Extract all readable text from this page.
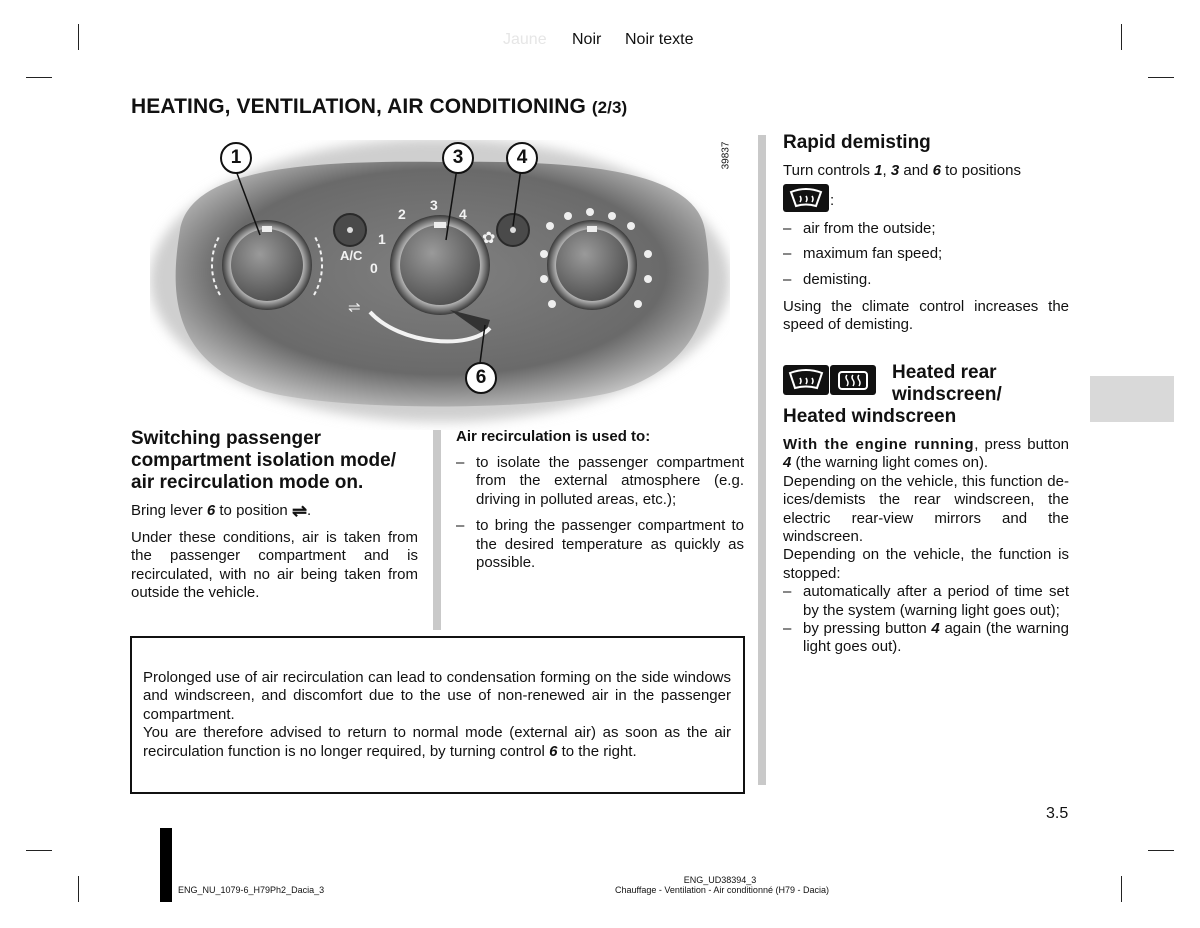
Jaune Noir Noir texte
HEATING, VENTILATION, AIR CONDITIONING (2/3)
39837
0
1
2
3
4
A/C
✿
⇌
1	3	4
6
Switching passenger compartment isolation mode/ air recirculation mode on.
Bring lever 6 to position ⇌.
Under these conditions, air is taken from the passenger compartment and is recirculated, with no air being taken from outside the vehicle.
Air recirculation is used to:
– to isolate the passenger compartment from the external atmosphere (e.g. driving in polluted areas, etc.);
– to bring the passenger compartment to the desired temperature as quickly as possible.
Prolonged use of air recirculation can lead to condensation forming on the side windows and windscreen, and discomfort due to the use of non-renewed air in the passenger compartment.
You are therefore advised to return to normal mode (external air) as soon as the air recirculation function is no longer required, by turning control 6 to the right.
Rapid demisting
Turn controls 1, 3 and 6 to positions
:
– air from the outside;
– maximum fan speed;
– demisting.
Using the climate control increases the speed of demisting.
Heated rear
windscreen/
Heated windscreen
With the engine running, press button 4 (the warning light comes on).
Depending on the vehicle, this function de-ices/demists the rear windscreen, the electric rear-view mirrors and the windscreen.
Depending on the vehicle, the function is stopped:
– automatically after a period of time set by the system (warning light goes out);
– by pressing button 4 again (the warning light goes out).
3.5
ENG_NU_1079-6_H79Ph2_Dacia_3
ENG_UD38394_3
Chauffage - Ventilation - Air conditionné (H79 - Dacia)
